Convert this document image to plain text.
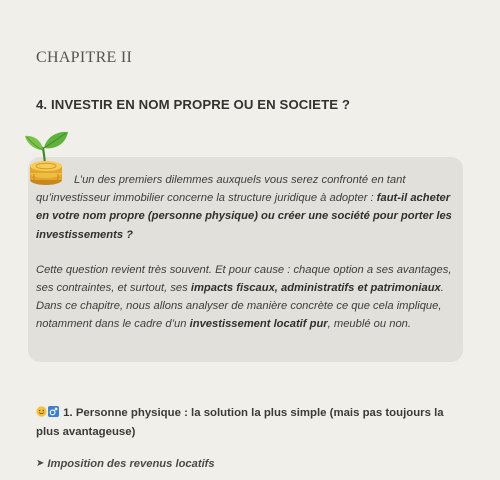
CHAPITRE II
4. INVESTIR EN NOM PROPRE OU EN SOCIETE ?

L’un des premiers dilemmes auxquels vous serez confronté en tant qu’investisseur immobilier concerne la structure juridique à adopter : faut-il acheter en votre nom propre (personne physique) ou créer une société pour porter les investissements ?

Cette question revient très souvent. Et pour cause : chaque option a ses avantages, ses contraintes, et surtout, ses impacts fiscaux, administratifs et patrimoniaux. Dans ce chapitre, nous allons analyser de manière concrète ce que cela implique, notamment dans le cadre d’un investissement locatif pur, meublé ou non.

1. Personne physique : la solution la plus simple (mais pas toujours la plus avantageuse)
➤ Imposition des revenus locatifs
